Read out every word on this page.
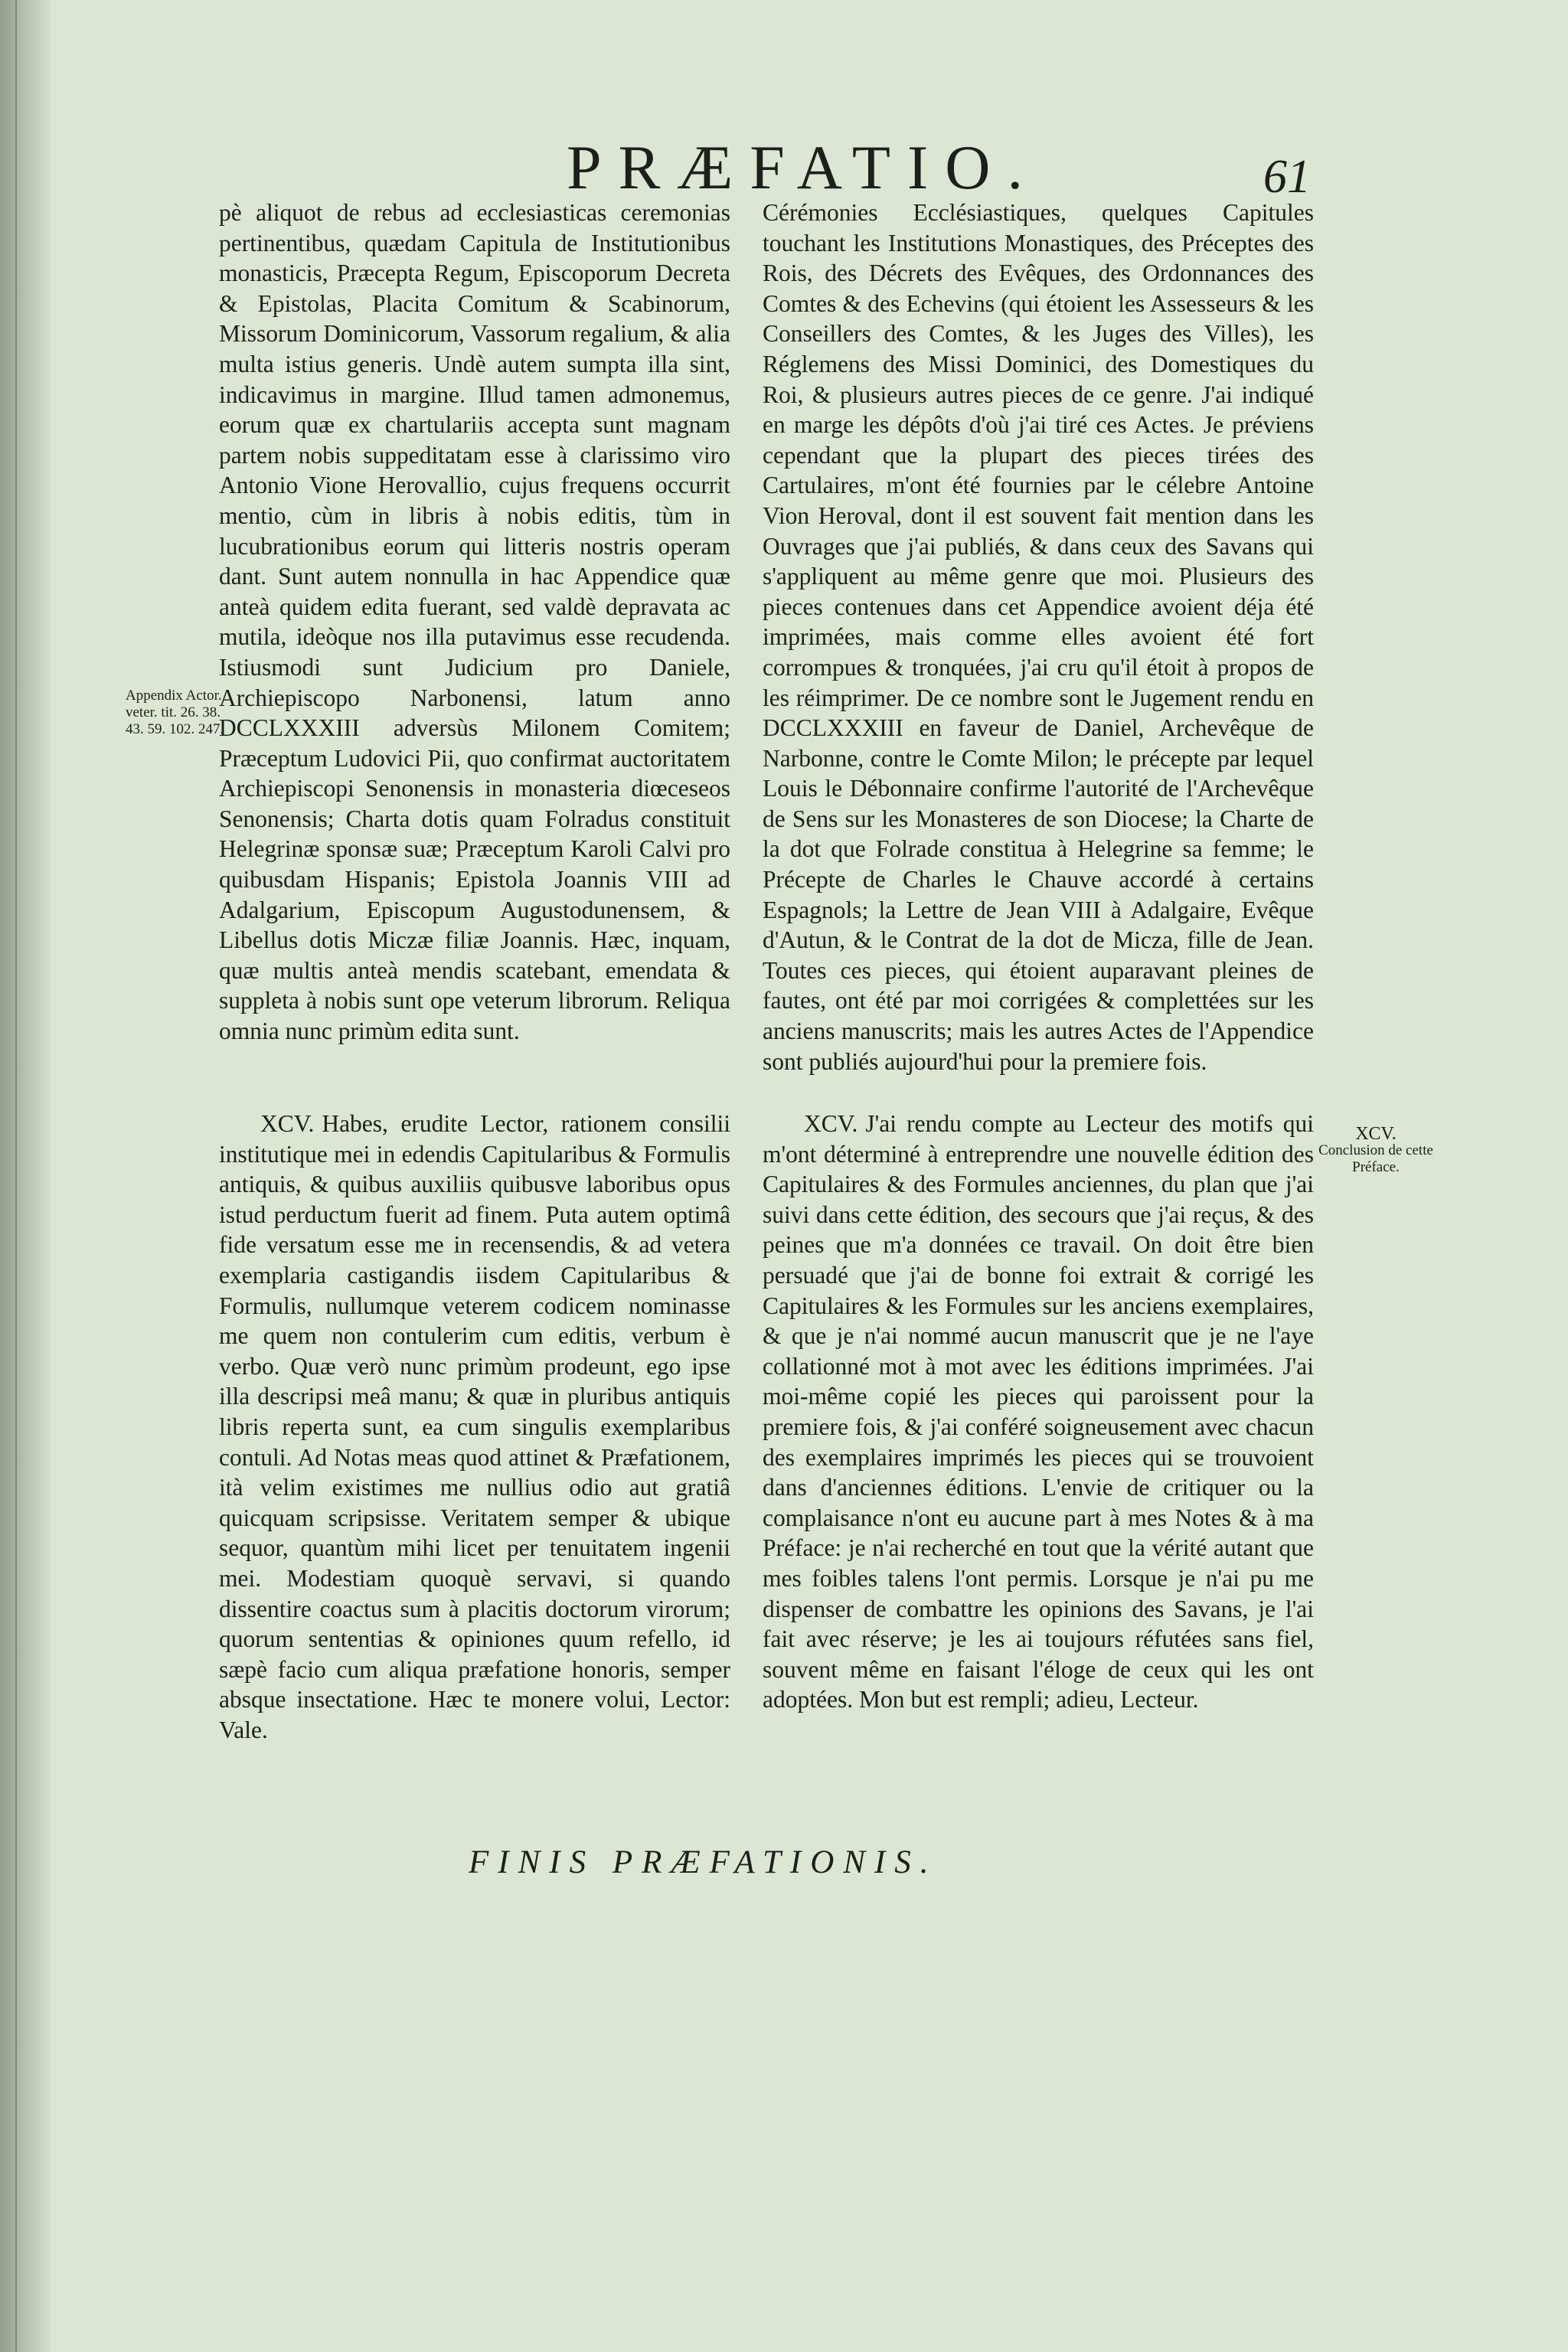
PRÆFATIO.	61
Appendix Actor. veter. tit. 26. 38. 43. 59. 102. 247.

pè aliquot de rebus ad ecclesiasticas ceremonias pertinentibus, quædam Capitula de Institutionibus monasticis, Præcepta Regum, Episcoporum Decreta & Epistolas, Placita Comitum & Scabinorum, Missorum Dominicorum, Vassorum regalium, & alia multa istius generis. Undè autem sumpta illa sint, indicavimus in margine. Illud tamen admonemus, eorum quæ ex chartulariis accepta sunt magnam partem nobis suppeditatam esse à clarissimo viro Antonio Vione Herovallio, cujus frequens occurrit mentio, cùm in libris à nobis editis, tùm in lucubrationibus eorum qui litteris nostris operam dant. Sunt autem nonnulla in hac Appendice quæ anteà quidem edita fuerant, sed valdè depravata ac mutila, ideòque nos illa putavimus esse recudenda. Istiusmodi sunt Judicium pro Daniele, Archiepiscopo Narbonensi, latum anno DCCLXXXIII adversùs Milonem Comitem; Præceptum Ludovici Pii, quo confirmat auctoritatem Archiepiscopi Senonensis in monasteria diœceseos Senonensis; Charta dotis quam Folradus constituit Helegrinæ sponsæ suæ; Præceptum Karoli Calvi pro quibusdam Hispanis; Epistola Joannis VIII ad Adalgarium, Episcopum Augustodunensem, & Libellus dotis Miczæ filiæ Joannis. Hæc, inquam, quæ multis anteà mendis scatebant, emendata & suppleta à nobis sunt ope veterum librorum. Reliqua omnia nunc primùm edita sunt.

XCV. Habes, erudite Lector, rationem consilii institutique mei in edendis Capitularibus & Formulis antiquis, & quibus auxiliis quibusve laboribus opus istud perductum fuerit ad finem. Puta autem optimâ fide versatum esse me in recensendis, & ad vetera exemplaria castigandis iisdem Capitularibus & Formulis, nullumque veterem codicem nominasse me quem non contulerim cum editis, verbum è verbo. Quæ verò nunc primùm prodeunt, ego ipse illa descripsi meâ manu; & quæ in pluribus antiquis libris reperta sunt, ea cum singulis exemplaribus contuli. Ad Notas meas quod attinet & Præfationem, ità velim existimes me nullius odio aut gratiâ quicquam scripsisse. Veritatem semper & ubique sequor, quantùm mihi licet per tenuitatem ingenii mei. Modestiam quoquè servavi, si quando dissentire coactus sum à placitis doctorum virorum; quorum sententias & opiniones quum refello, id sæpè facio cum aliqua præfatione honoris, semper absque insectatione. Hæc te monere volui, Lector: Vale.

Cérémonies Ecclésiastiques, quelques Capitules touchant les Institutions Monastiques, des Préceptes des Rois, des Décrets des Evêques, des Ordonnances des Comtes & des Echevins (qui étoient les Assesseurs & les Conseillers des Comtes, & les Juges des Villes), les Réglemens des Missi Dominici, des Domestiques du Roi, & plusieurs autres pieces de ce genre. J'ai indiqué en marge les dépôts d'où j'ai tiré ces Actes. Je préviens cependant que la plupart des pieces tirées des Cartulaires, m'ont été fournies par le célebre Antoine Vion Heroval, dont il est souvent fait mention dans les Ouvrages que j'ai publiés, & dans ceux des Savans qui s'appliquent au même genre que moi. Plusieurs des pieces contenues dans cet Appendice avoient déja été imprimées, mais comme elles avoient été fort corrompues & tronquées, j'ai cru qu'il étoit à propos de les réimprimer. De ce nombre sont le Jugement rendu en DCCLXXXIII en faveur de Daniel, Archevêque de Narbonne, contre le Comte Milon; le précepte par lequel Louis le Débonnaire confirme l'autorité de l'Archevêque de Sens sur les Monasteres de son Diocese; la Charte de la dot que Folrade constitua à Helegrine sa femme; le Précepte de Charles le Chauve accordé à certains Espagnols; la Lettre de Jean VIII à Adalgaire, Evêque d'Autun, & le Contrat de la dot de Micza, fille de Jean. Toutes ces pieces, qui étoient auparavant pleines de fautes, ont été par moi corrigées & complettées sur les anciens manuscrits; mais les autres Actes de l'Appendice sont publiés aujourd'hui pour la premiere fois.

XCV. J'ai rendu compte au Lecteur des motifs qui m'ont déterminé à entreprendre une nouvelle édition des Capitulaires & des Formules anciennes, du plan que j'ai suivi dans cette édition, des secours que j'ai reçus, & des peines que m'a données ce travail. On doit être bien persuadé que j'ai de bonne foi extrait & corrigé les Capitulaires & les Formules sur les anciens exemplaires, & que je n'ai nommé aucun manuscrit que je ne l'aye collationné mot à mot avec les éditions imprimées. J'ai moi-même copié les pieces qui paroissent pour la premiere fois, & j'ai conféré soigneusement avec chacun des exemplaires imprimés les pieces qui se trouvoient dans d'anciennes éditions. L'envie de critiquer ou la complaisance n'ont eu aucune part à mes Notes & à ma Préface: je n'ai recherché en tout que la vérité autant que mes foibles talens l'ont permis. Lorsque je n'ai pu me dispenser de combattre les opinions des Savans, je l'ai fait avec réserve; je les ai toujours réfutées sans fiel, souvent même en faisant l'éloge de ceux qui les ont adoptées. Mon but est rempli; adieu, Lecteur.

XCV.
Conclusion de cette Préface.
FINIS PRÆFATIONIS.
